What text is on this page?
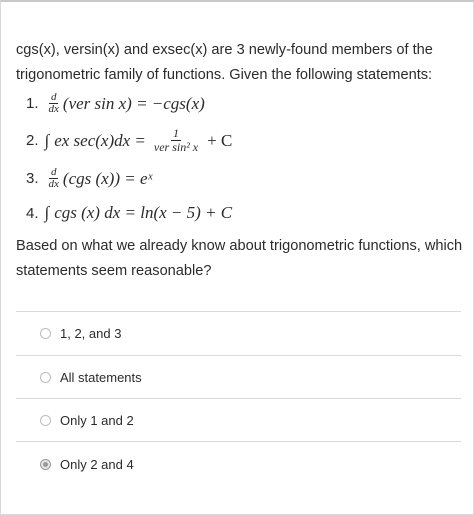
cgs(x), versin(x) and exsec(x) are 3 newly-found members of the trigonometric family of functions. Given the following statements:
1. $\frac{d}{dx} (ver$ sin x) = −cgs(x)
2. ∫ ex $\sec(x)dx = \frac{1}{\text{ver sin² x}} + C$
3. $\frac{d}{dx} (cgs$ (x)) = eˣ
4. ∫ cgs (x) dx = ln(x − 5) + C
Based on what we already know about trigonometric functions, which statements seem reasonable?
1, 2, and 3
All statements
Only 1 and 2
Only 2 and 4
